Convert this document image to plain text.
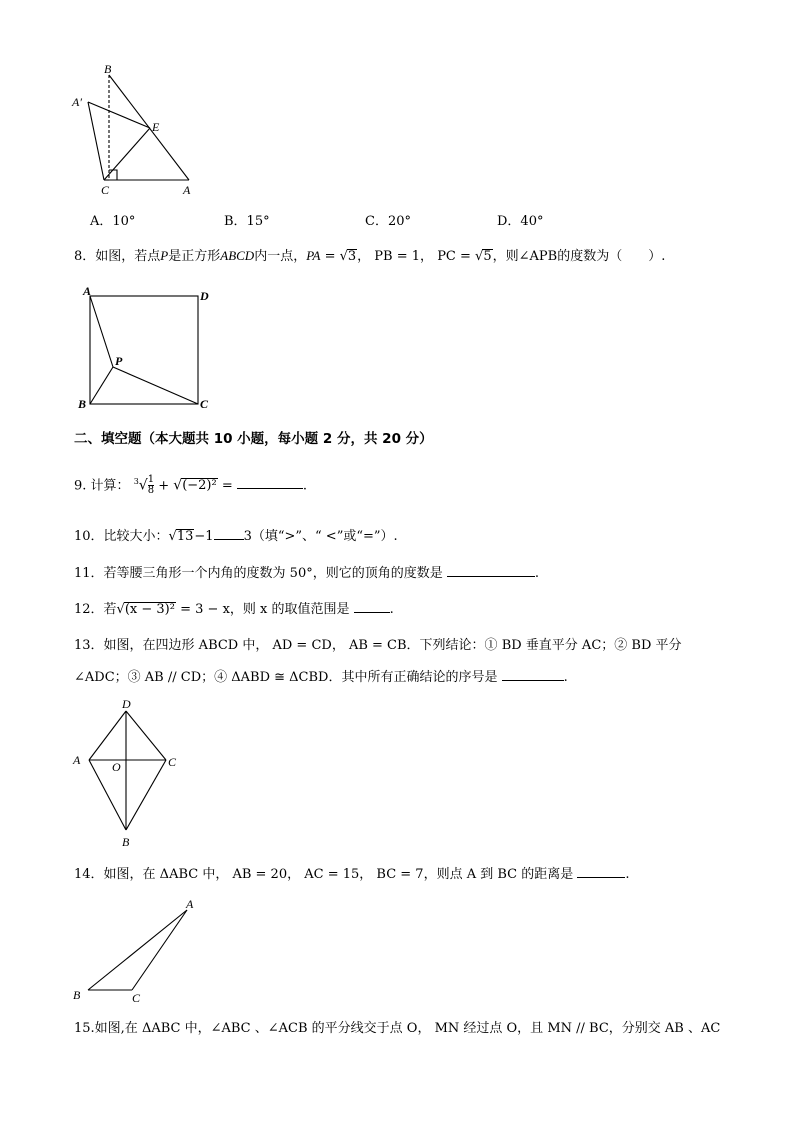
B
A′
E
C	A
A．10°	B．15°	C．20°	D．40°
8．如图，若点P是正方形ABCD内一点，PA = √3， PB = 1， PC = √5，则∠APB的度数为（　　）.
A	D
P
B	C
二、填空题（本大题共 10 小题，每小题 2 分，共 20 分）
9. 计算： $^3√ \frac{1}{8} + √(-2)^2$ =	.
10．比较大小：√13−1 3（填“>”、“ <”或“=”）.
11．若等腰三角形一个内角的度数为 50°，则它的顶角的度数是	.
12．若√(x − 3)² = 3 − x，则 x 的取值范围是	.
13．如图，在四边形 ABCD 中， AD = CD， AB = CB．下列结论：① BD 垂直平分 AC；② BD 平分
∠ADC；③ AB // CD；④ ΔABD ≅ ΔCBD．其中所有正确结论的序号是	.
D
A	O	C
B
14．如图，在 ΔABC 中， AB = 20， AC = 15， BC = 7，则点 A 到 BC 的距离是	.
A
B	C
15.如图,在 ΔABC 中，∠ABC 、∠ACB 的平分线交于点 O， MN 经过点 O，且 MN // BC，分别交 AB 、AC
